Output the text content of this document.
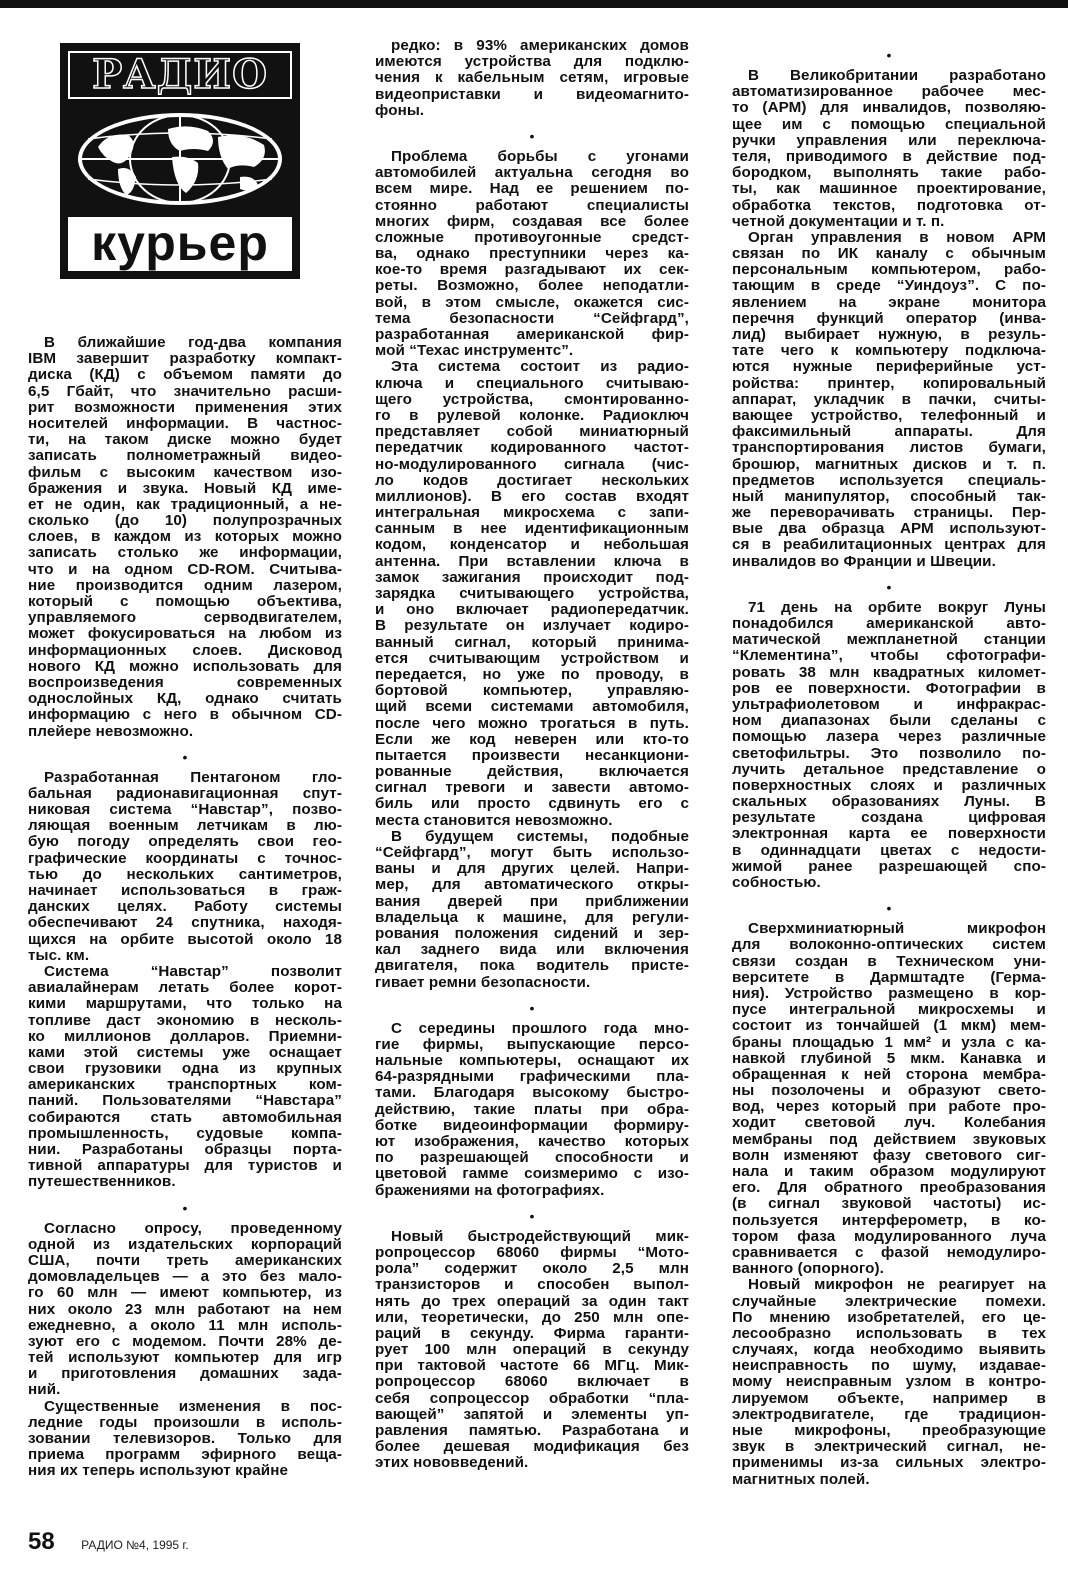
РАДИО
курьер
В ближайшие год-два компания
IBM завершит разработку компакт-
диска (КД) с объемом памяти до
6,5 Гбайт, что значительно расши-
рит возможности применения этих
носителей информации. В частнос-
ти, на таком диске можно будет
записать полнометражный видео-
фильм с высоким качеством изо-
бражения и звука. Новый КД име-
ет не один, как традиционный, а не-
сколько (до 10) полупрозрачных
слоев, в каждом из которых можно
записать столько же информации,
что и на одном CD-ROM. Считыва-
ние производится одним лазером,
который с помощью объектива,
управляемого серводвигателем,
может фокусироваться на любом из
информационных слоев. Дисковод
нового КД можно использовать для
воспроизведения современных
однослойных КД, однако считать
информацию с него в обычном CD-
плейере невозможно.
•
Разработанная Пентагоном гло-
бальная радионавигационная спут-
никовая система “Навстар”, позво-
ляющая военным летчикам в лю-
бую погоду определять свои гео-
графические координаты с точнос-
тью до нескольких сантиметров,
начинает использоваться в граж-
данских целях. Работу системы
обеспечивают 24 спутника, находя-
щихся на орбите высотой около 18
тыс. км.
Система “Навстар” позволит
авиалайнерам летать более корот-
кими маршрутами, что только на
топливе даст экономию в несколь-
ко миллионов долларов. Приемни-
ками этой системы уже оснащает
свои грузовики одна из крупных
американских транспортных ком-
паний. Пользователями “Навстара”
собираются стать автомобильная
промышленность, судовые компа-
нии. Разработаны образцы порта-
тивной аппаратуры для туристов и
путешественников.
•
Согласно опросу, проведенному
одной из издательских корпораций
США, почти треть американских
домовладельцев — а это без мало-
го 60 млн — имеют компьютер, из
них около 23 млн работают на нем
ежедневно, а около 11 млн исполь-
зуют его с модемом. Почти 28% де-
тей используют компьютер для игр
и приготовления домашних зада-
ний.
Существенные изменения в пос-
ледние годы произошли в исполь-
зовании телевизоров. Только для
приема программ эфирного веща-
ния их теперь используют крайне
редко: в 93% американских домов
имеются устройства для подклю-
чения к кабельным сетям, игровые
видеоприставки и видеомагнито-
фоны.
•
Проблема борьбы с угонами
автомобилей актуальна сегодня во
всем мире. Над ее решением по-
стоянно работают специалисты
многих фирм, создавая все более
сложные противоугонные средст-
ва, однако преступники через ка-
кое-то время разгадывают их сек-
реты. Возможно, более неподатли-
вой, в этом смысле, окажется сис-
тема безопасности “Сейфгард”,
разработанная американской фир-
мой “Техас инструментс”.
Эта система состоит из радио-
ключа и специального считываю-
щего устройства, смонтированно-
го в рулевой колонке. Радиоключ
представляет собой миниатюрный
передатчик кодированного частот-
но-модулированного сигнала (чис-
ло кодов достигает нескольких
миллионов). В его состав входят
интегральная микросхема с запи-
санным в нее идентификационным
кодом, конденсатор и небольшая
антенна. При вставлении ключа в
замок зажигания происходит под-
зарядка считывающего устройства,
и оно включает радиопередатчик.
В результате он излучает кодиро-
ванный сигнал, который принима-
ется считывающим устройством и
передается, но уже по проводу, в
бортовой компьютер, управляю-
щий всеми системами автомобиля,
после чего можно трогаться в путь.
Если же код неверен или кто-то
пытается произвести несанкциони-
рованные действия, включается
сигнал тревоги и завести автомо-
биль или просто сдвинуть его с
места становится невозможно.
В будущем системы, подобные
“Сейфгард”, могут быть использо-
ваны и для других целей. Напри-
мер, для автоматического откры-
вания дверей при приближении
владельца к машине, для регули-
рования положения сидений и зер-
кал заднего вида или включения
двигателя, пока водитель присте-
гивает ремни безопасности.
•
С середины прошлого года мно-
гие фирмы, выпускающие персо-
нальные компьютеры, оснащают их
64-разрядными графическими пла-
тами. Благодаря высокому быстро-
действию, такие платы при обра-
ботке видеоинформации формиру-
ют изображения, качество которых
по разрешающей способности и
цветовой гамме соизмеримо с изо-
бражениями на фотографиях.
•
Новый быстродействующий мик-
ропроцессор 68060 фирмы “Мото-
рола” содержит около 2,5 млн
транзисторов и способен выпол-
нять до трех операций за один такт
или, теоретически, до 250 млн опе-
раций в секунду. Фирма гаранти-
рует 100 млн операций в секунду
при тактовой частоте 66 МГц. Мик-
ропроцессор 68060 включает в
себя сопроцессор обработки “пла-
вающей” запятой и элементы уп-
равления памятью. Разработана и
более дешевая модификация без
этих нововведений.
•
В Великобритании разработано
автоматизированное рабочее мес-
то (АРМ) для инвалидов, позволяю-
щее им с помощью специальной
ручки управления или переключа-
теля, приводимого в действие под-
бородком, выполнять такие рабо-
ты, как машинное проектирование,
обработка текстов, подготовка от-
четной документации и т. п.
Орган управления в новом АРМ
связан по ИК каналу с обычным
персональным компьютером, рабо-
тающим в среде “Уиндоуз”. С по-
явлением на экране монитора
перечня функций оператор (инва-
лид) выбирает нужную, в резуль-
тате чего к компьютеру подключа-
ются нужные периферийные уст-
ройства: принтер, копировальный
аппарат, укладчик в пачки, считы-
вающее устройство, телефонный и
факсимильный аппараты. Для
транспортирования листов бумаги,
брошюр, магнитных дисков и т. п.
предметов используется специаль-
ный манипулятор, способный так-
же переворачивать страницы. Пер-
вые два образца АРМ используют-
ся в реабилитационных центрах для
инвалидов во Франции и Швеции.
•
71 день на орбите вокруг Луны
понадобился американской авто-
матической межпланетной станции
“Клементина”, чтобы сфотографи-
ровать 38 млн квадратных километ-
ров ее поверхности. Фотографии в
ультрафиолетовом и инфракрас-
ном диапазонах были сделаны с
помощью лазера через различные
светофильтры. Это позволило по-
лучить детальное представление о
поверхностных слоях и различных
скальных образованиях Луны. В
результате создана цифровая
электронная карта ее поверхности
в одиннадцати цветах с недости-
жимой ранее разрешающей спо-
собностью.
•
Сверхминиатюрный микрофон
для волоконно-оптических систем
связи создан в Техническом уни-
верситете в Дармштадте (Герма-
ния). Устройство размещено в кор-
пусе интегральной микросхемы и
состоит из тончайшей (1 мкм) мем-
браны площадью 1 мм² и узла с ка-
навкой глубиной 5 мкм. Канавка и
обращенная к ней сторона мембра-
ны позолочены и образуют свето-
вод, через который при работе про-
ходит световой луч. Колебания
мембраны под действием звуковых
волн изменяют фазу светового сиг-
нала и таким образом модулируют
его. Для обратного преобразования
(в сигнал звуковой частоты) ис-
пользуется интерферометр, в ко-
тором фаза модулированного луча
сравнивается с фазой немодулиро-
ванного (опорного).
Новый микрофон не реагирует на
случайные электрические помехи.
По мнению изобретателей, его це-
лесообразно использовать в тех
случаях, когда необходимо выявить
неисправность по шуму, издавае-
мому неисправным узлом в контро-
лируемом объекте, например в
электродвигателе, где традицион-
ные микрофоны, преобразующие
звук в электрический сигнал, не-
применимы из-за сильных электро-
магнитных полей.
58 РАДИО №4, 1995 г.
